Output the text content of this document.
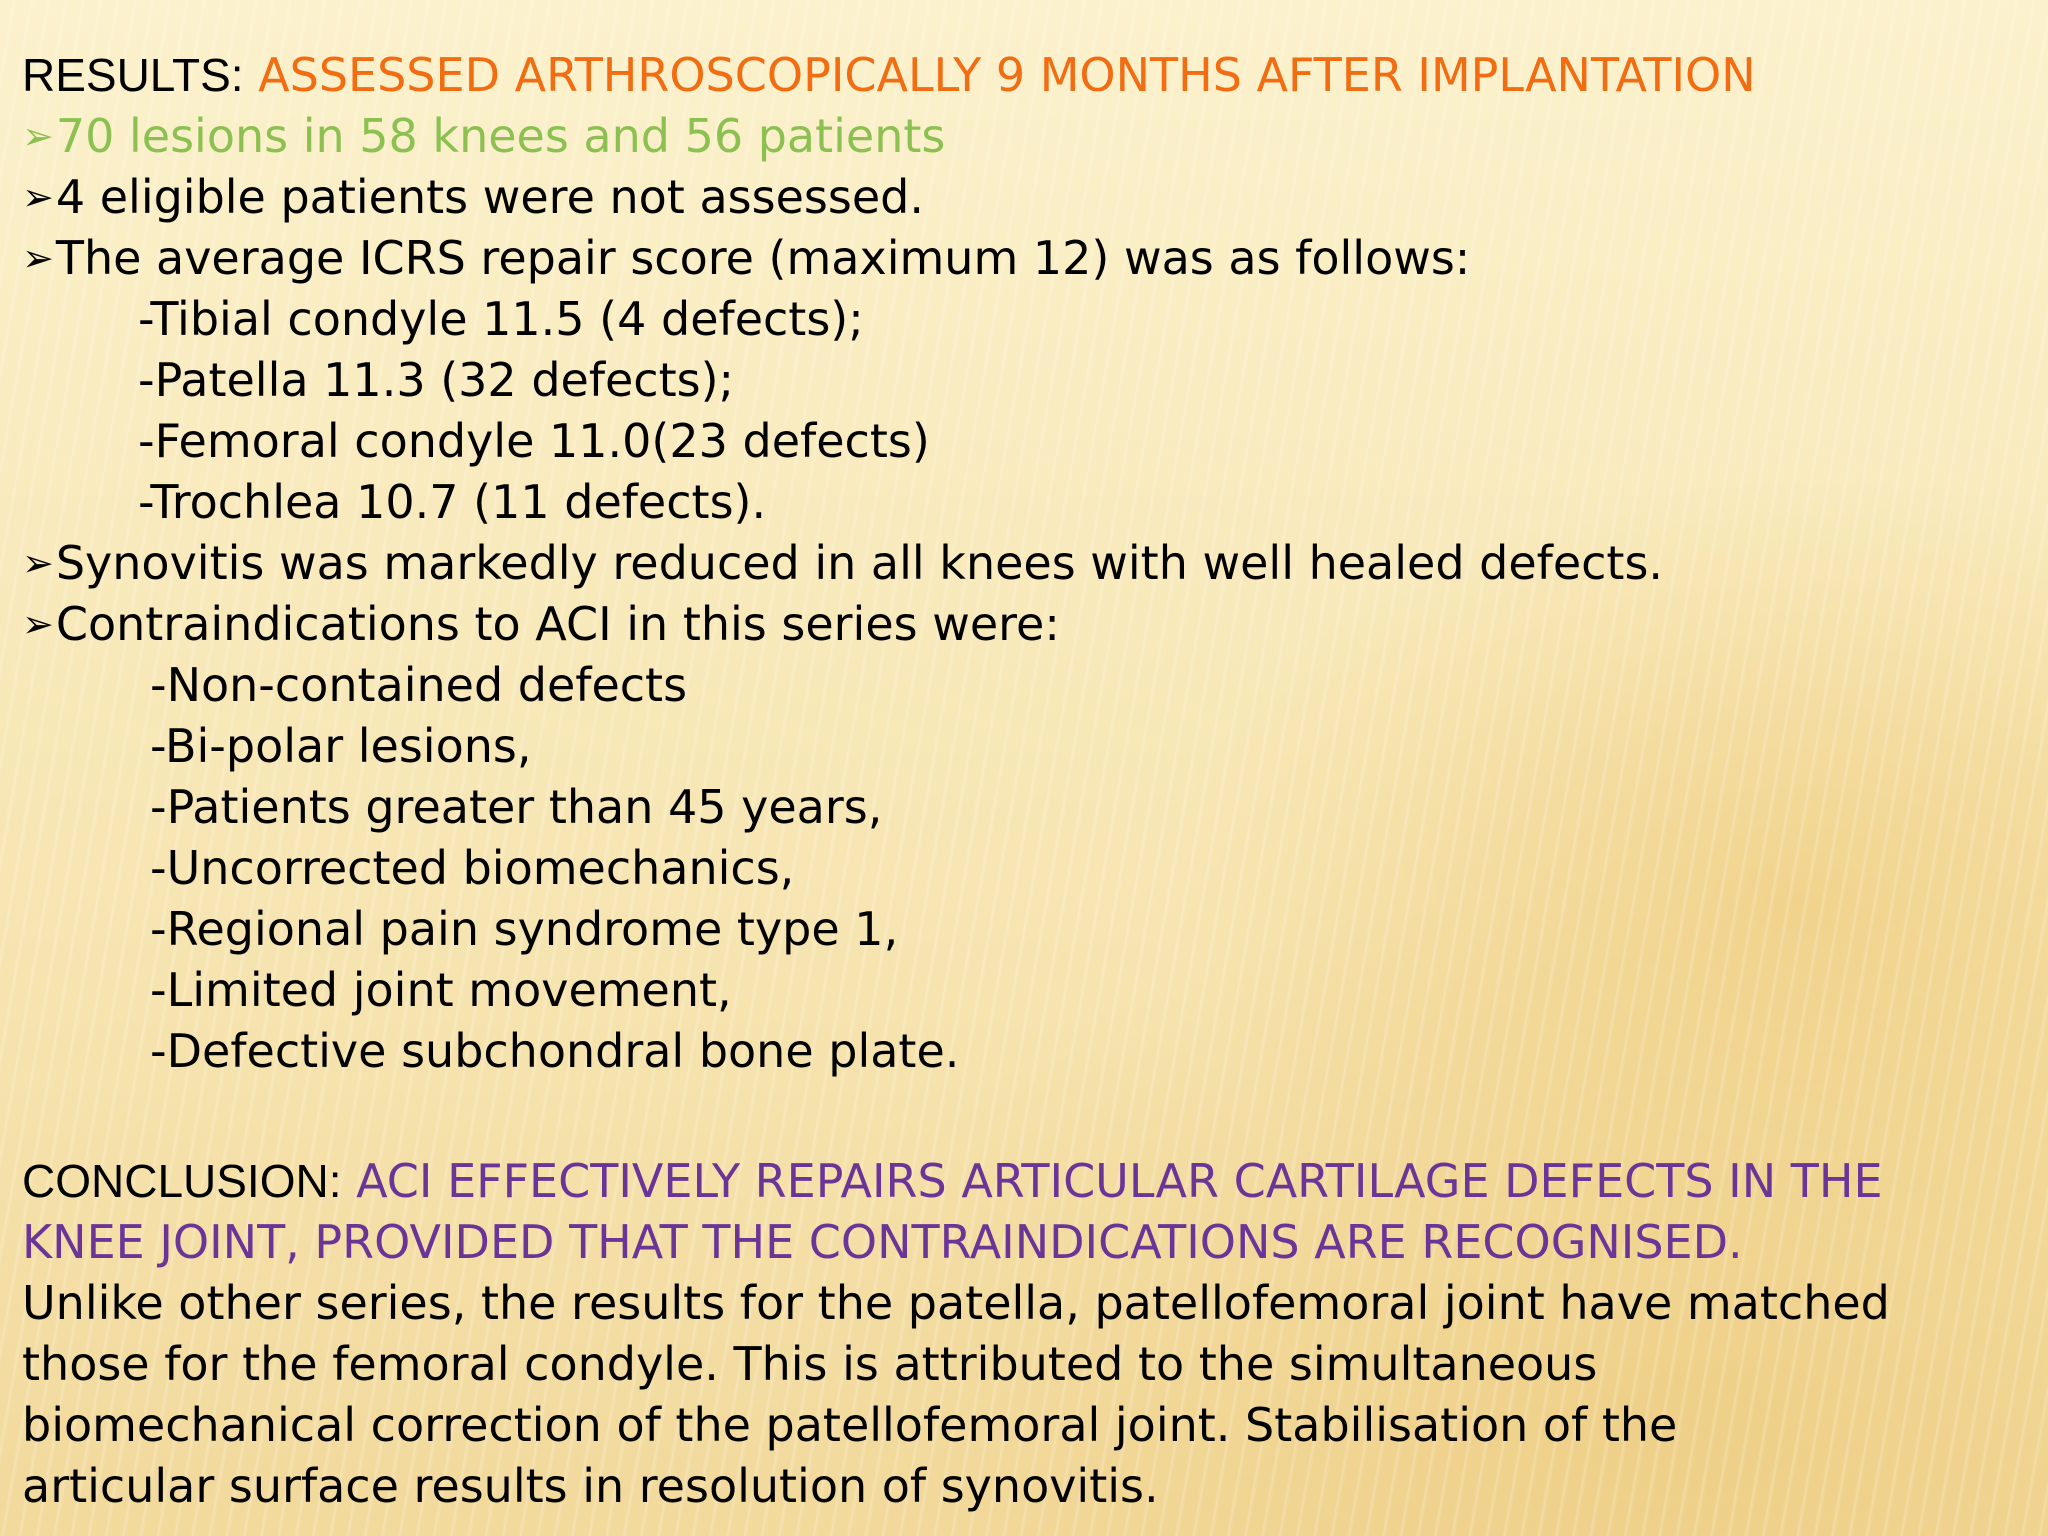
RESULTS: ASSESSED ARTHROSCOPICALLY 9 MONTHS AFTER IMPLANTATION
➢70 lesions in 58 knees and 56 patients
➢4 eligible patients were not assessed.
➢The average ICRS repair score (maximum 12) was as follows:
-Tibial condyle 11.5 (4 defects);
-Patella 11.3 (32 defects);
-Femoral condyle 11.0(23 defects)
-Trochlea 10.7 (11 defects).
➢Synovitis was markedly reduced in all knees with well healed defects.
➢Contraindications to ACI in this series were:
-Non-contained defects
-Bi-polar lesions,
-Patients greater than 45 years,
-Uncorrected biomechanics,
-Regional pain syndrome type 1,
-Limited joint movement,
-Defective subchondral bone plate.
CONCLUSION: ACI EFFECTIVELY REPAIRS ARTICULAR CARTILAGE DEFECTS IN THE
KNEE JOINT, PROVIDED THAT THE CONTRAINDICATIONS ARE RECOGNISED.
Unlike other series, the results for the patella, patellofemoral joint have matched
those for the femoral condyle. This is attributed to the simultaneous
biomechanical correction of the patellofemoral joint. Stabilisation of the
articular surface results in resolution of synovitis.
